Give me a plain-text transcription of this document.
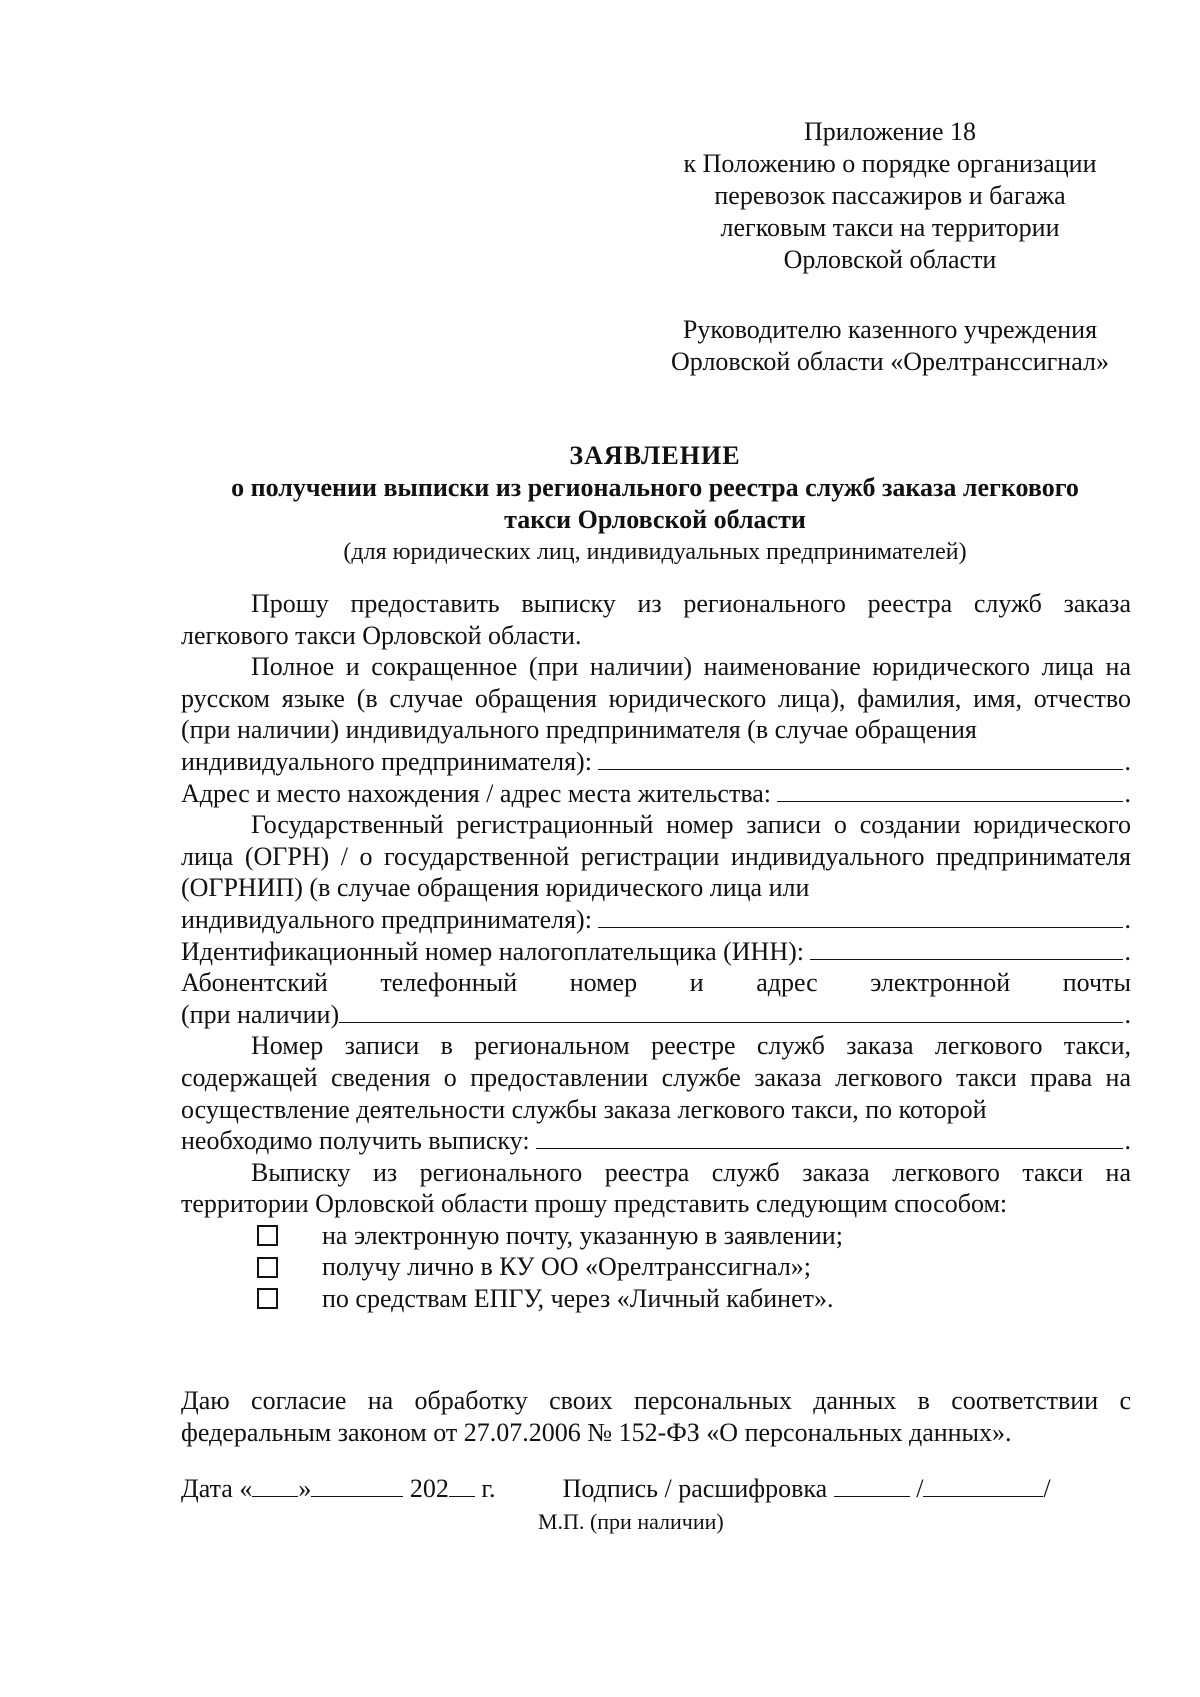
Приложение 18
к Положению о порядке организации
перевозок пассажиров и багажа
легковым такси на территории
Орловской области
Руководителю казенного учреждения
Орловской области «Орелтранссигнал»
ЗАЯВЛЕНИЕ
о получении выписки из регионального реестра служб заказа легкового
такси Орловской области
(для юридических лиц, индивидуальных предпринимателей)

Прошу предоставить выписку из регионального реестра служб заказа легкового такси Орловской области.

Полное и сокращенное (при наличии) наименование юридического лица на русском языке (в случае обращения юридического лица), фамилия, имя, отчество (при наличии) индивидуального предпринимателя (в случае обращения

индивидуального предпринимателя):	.
Адрес и место нахождения / адрес места жительства:	.

Государственный регистрационный номер записи о создании юридического лица (ОГРН) / о государственной регистрации индивидуального предпринимателя (ОГРНИП) (в случае обращения юридического лица или

индивидуального предпринимателя):	.
Идентификационный номер налогоплательщика (ИНН):	.
Абонентский телефонный номер и адрес электронной почты
(при наличии)	.

Номер записи в региональном реестре служб заказа легкового такси, содержащей сведения о предоставлении службе заказа легкового такси права на осуществление деятельности службы заказа легкового такси, по которой

необходимо получить выписку:	.

Выписку из регионального реестра служб заказа легкового такси на территории Орловской области прошу представить следующим способом:

на электронную почту, указанную в заявлении;
получу лично в КУ ОО «Орелтранссигнал»;
по средствам ЕПГУ, через «Личный кабинет».
Даю согласие на обработку своих персональных данных в соответствии с федеральным законом от 27.07.2006 № 152-ФЗ «О персональных данных».
Дата « »	202 г.	Подпись / расшифровка	/	/
М.П. (при наличии)
